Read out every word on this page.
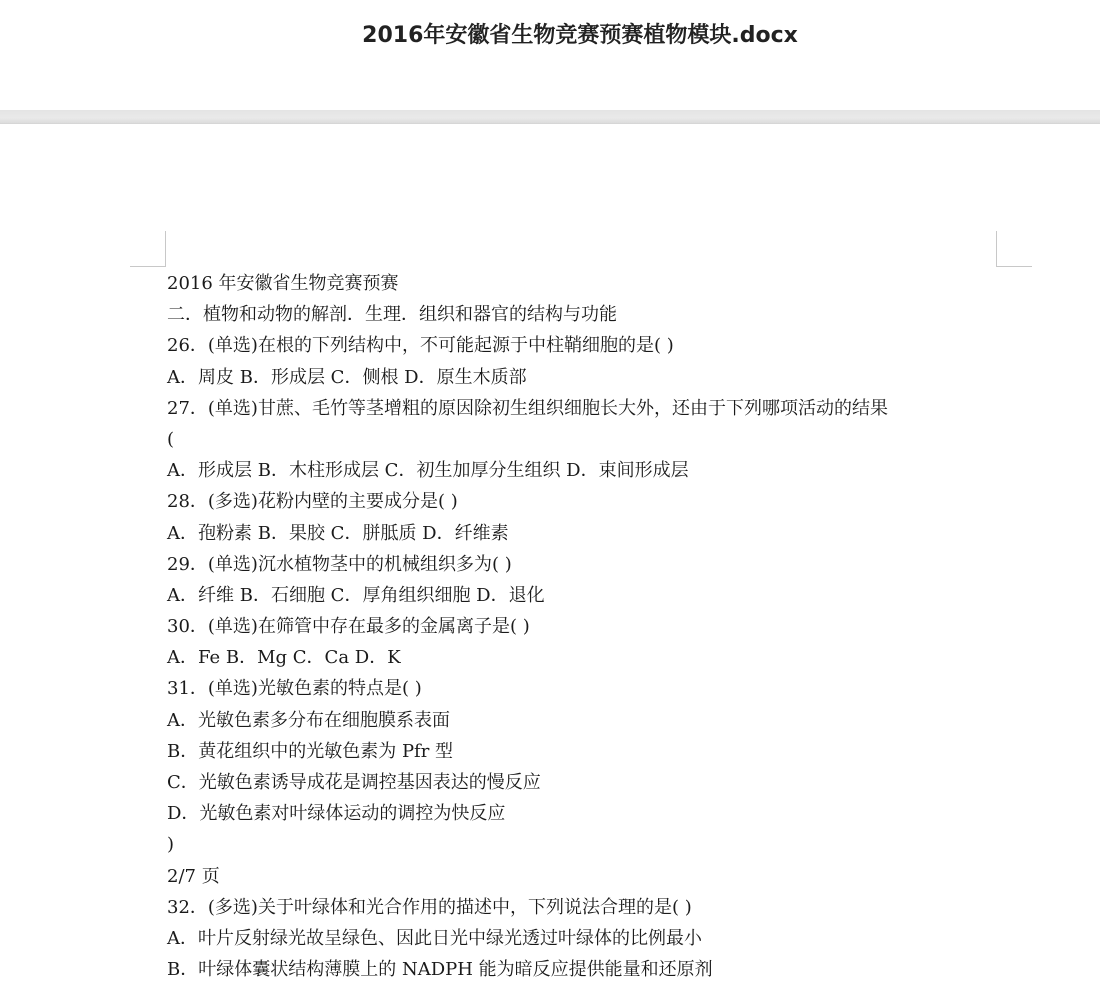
2016年安徽省生物竞赛预赛植物模块.docx
2016 年安徽省生物竞赛预赛
二．植物和动物的解剖．生理．组织和器官的结构与功能
26．(单选)在根的下列结构中，不可能起源于中柱鞘细胞的是( )
A．周皮 B．形成层 C．侧根 D．原生木质部
27．(单选)甘蔗、毛竹等茎增粗的原因除初生组织细胞长大外，还由于下列哪项活动的结果
(
A．形成层 B．木柱形成层 C．初生加厚分生组织 D．束间形成层
28．(多选)花粉内壁的主要成分是( )
A．孢粉素 B．果胶 C．胼胝质 D．纤维素
29．(单选)沉水植物茎中的机械组织多为( )
A．纤维 B．石细胞 C．厚角组织细胞 D．退化
30．(单选)在筛管中存在最多的金属离子是( )
A．Fe B．Mg C．Ca D．K
31．(单选)光敏色素的特点是( )
A．光敏色素多分布在细胞膜系表面
B．黄花组织中的光敏色素为 Pfr 型
C．光敏色素诱导成花是调控基因表达的慢反应
D．光敏色素对叶绿体运动的调控为快反应
)
2/7 页
32．(多选)关于叶绿体和光合作用的描述中，下列说法合理的是( )
A．叶片反射绿光故呈绿色、因此日光中绿光透过叶绿体的比例最小
B．叶绿体囊状结构薄膜上的 NADPH 能为暗反应提供能量和还原剂
